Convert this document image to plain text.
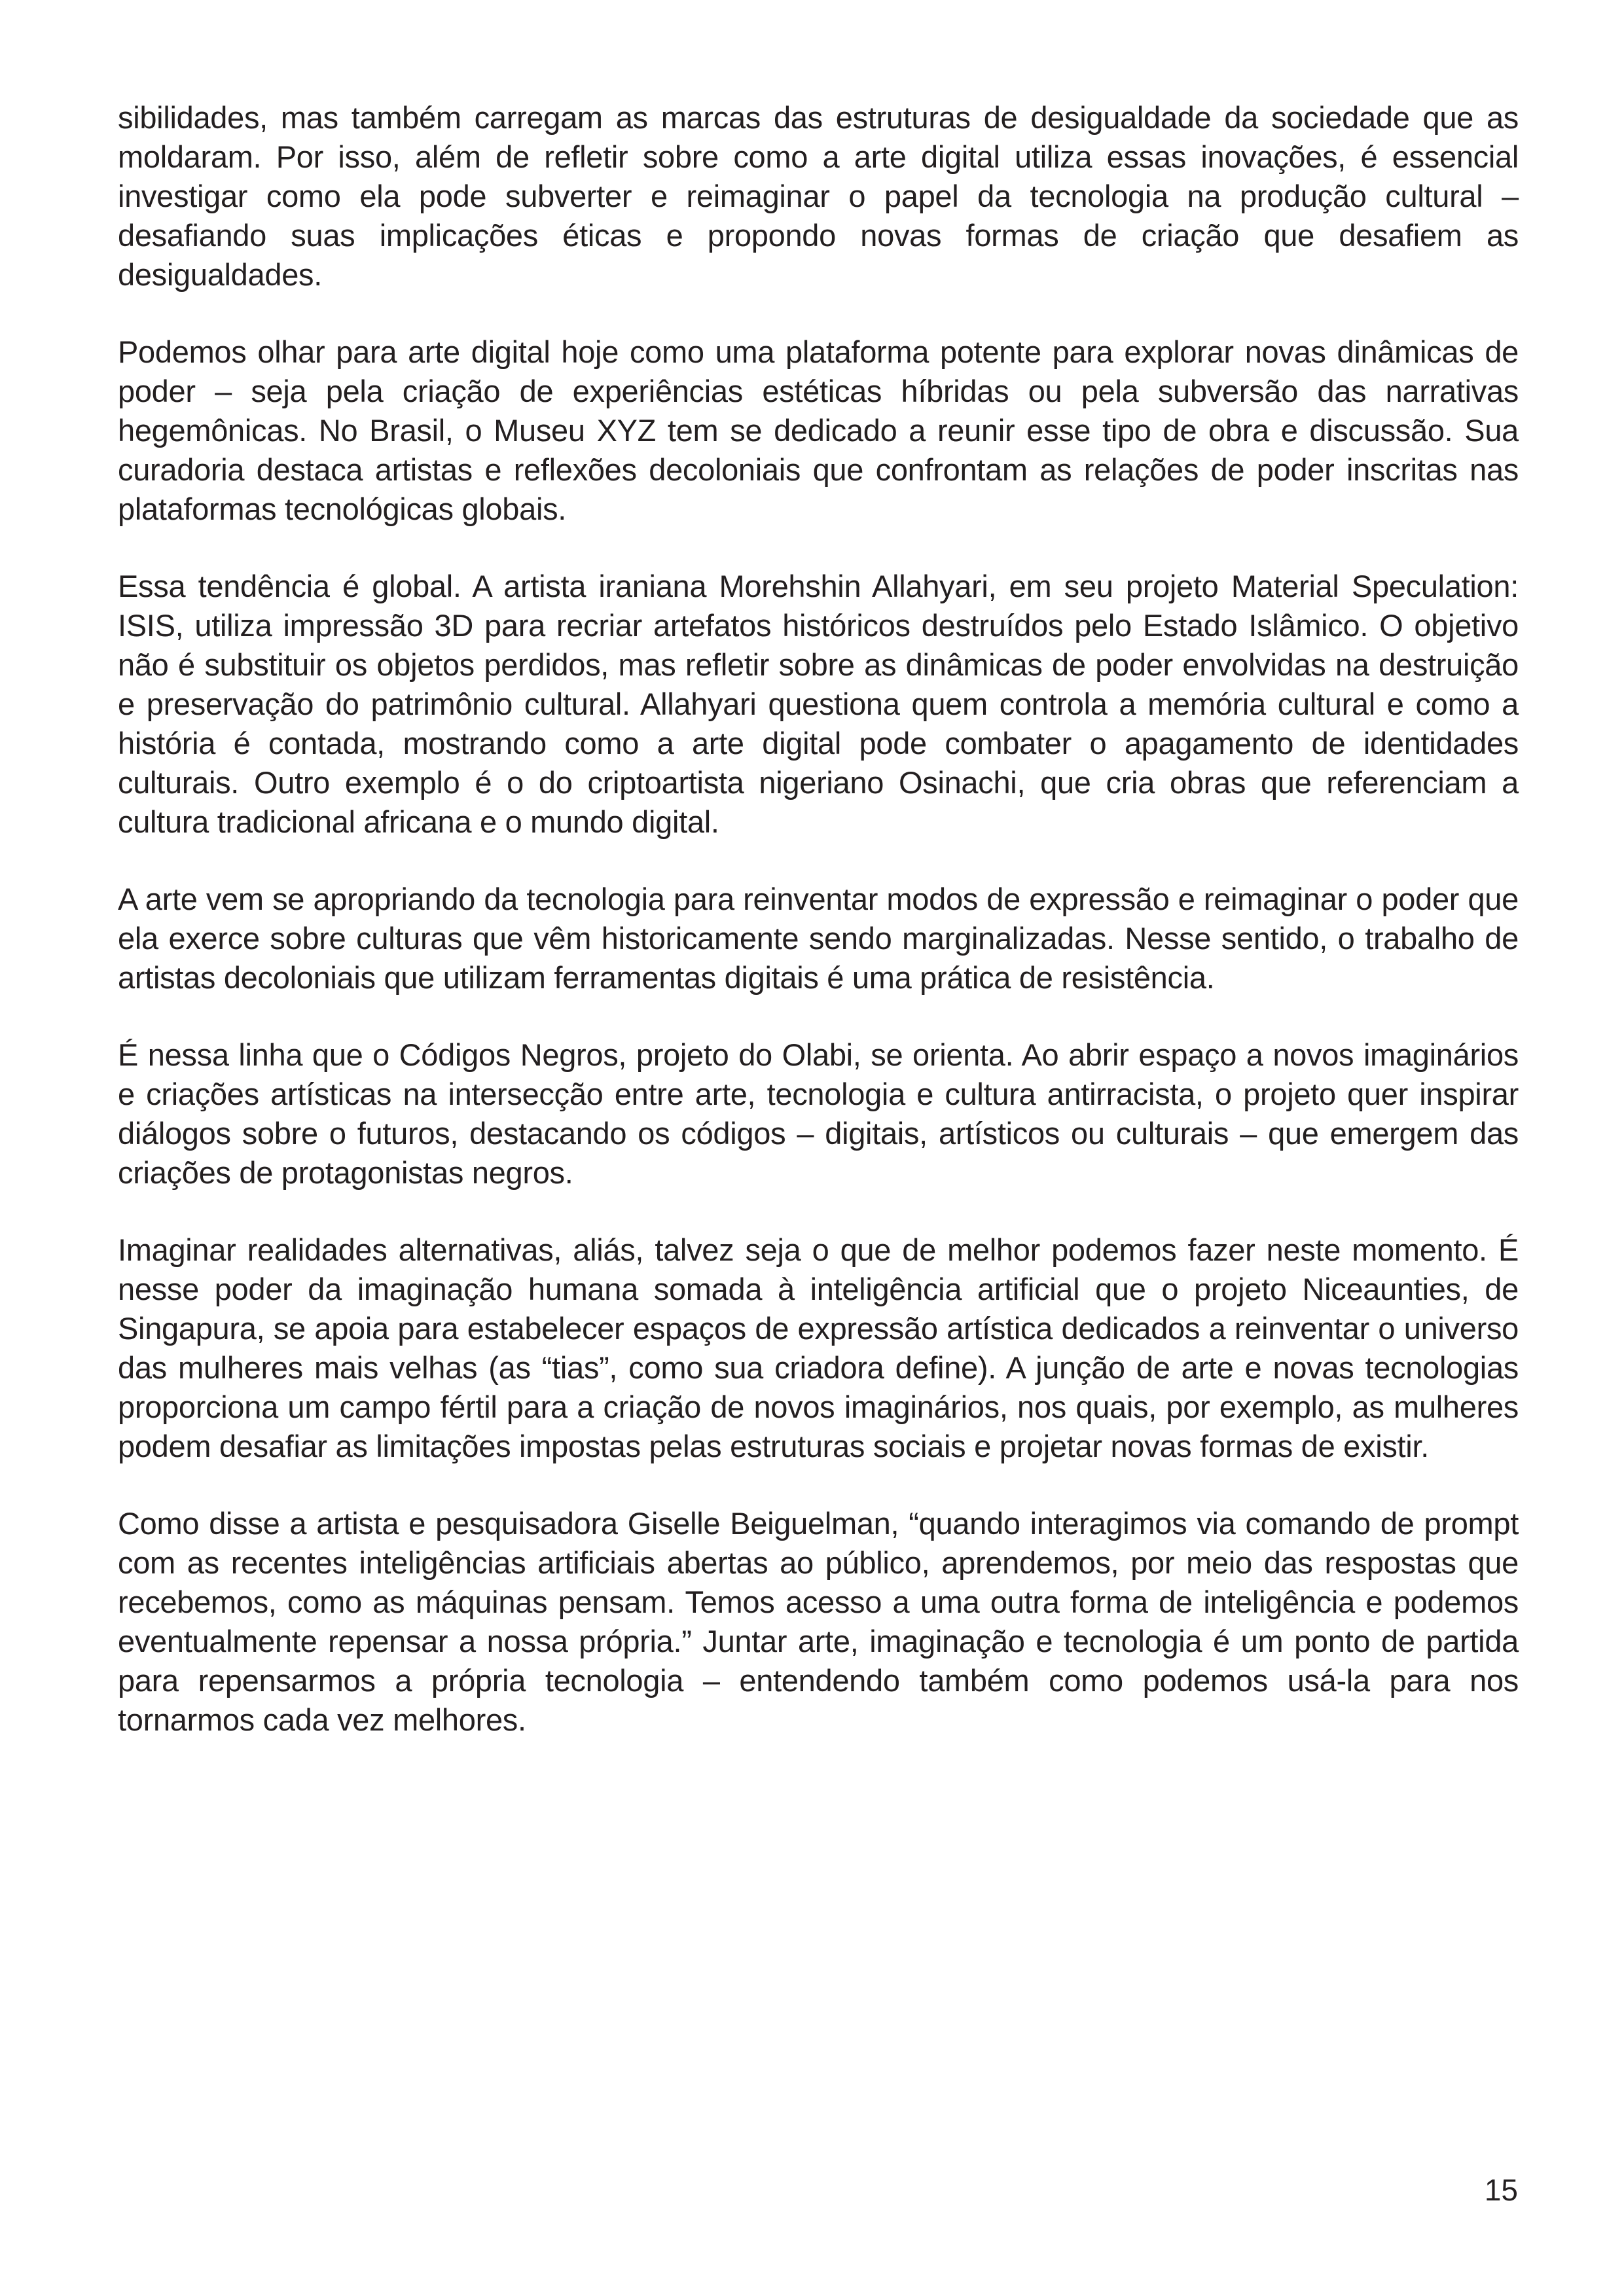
sibilidades, mas também carregam as marcas das estruturas de desigualdade da sociedade que as moldaram. Por isso, além de refletir sobre como a arte digital utiliza essas inovações, é essencial investigar como ela pode subverter e reimaginar o papel da tecnologia na produção cultural – desafiando suas implicações éticas e propondo novas formas de criação que desafiem as desigualdades.

Podemos olhar para arte digital hoje como uma plataforma potente para explorar novas dinâmicas de poder – seja pela criação de experiências estéticas híbridas ou pela subversão das narrativas hegemônicas. No Brasil, o Museu XYZ tem se dedicado a reunir esse tipo de obra e discussão. Sua curadoria destaca artistas e reflexões decoloniais que confrontam as relações de poder inscritas nas plataformas tecnológicas globais.

Essa tendência é global. A artista iraniana Morehshin Allahyari, em seu projeto Material Speculation: ISIS, utiliza impressão 3D para recriar artefatos históricos destruídos pelo Estado Islâmico. O objetivo não é substituir os objetos perdidos, mas refletir sobre as dinâmicas de poder envolvidas na destruição e preservação do patrimônio cultural. Allahyari questiona quem controla a memória cultural e como a história é contada, mostrando como a arte digital pode combater o apagamento de identidades culturais. Outro exemplo é o do criptoartista nigeriano Osinachi, que cria obras que referenciam a cultura tradicional africana e o mundo digital.

A arte vem se apropriando da tecnologia para reinventar modos de expressão e reimaginar o poder que ela exerce sobre culturas que vêm historicamente sendo marginalizadas. Nesse sentido, o trabalho de artistas decoloniais que utilizam ferramentas digitais é uma prática de resistência.

É nessa linha que o Códigos Negros, projeto do Olabi, se orienta. Ao abrir espaço a novos imaginários e criações artísticas na intersecção entre arte, tecnologia e cultura antirracista, o projeto quer inspirar diálogos sobre o futuros, destacando os códigos – digitais, artísticos ou culturais – que emergem das criações de protagonistas negros.

Imaginar realidades alternativas, aliás, talvez seja o que de melhor podemos fazer neste momento. É nesse poder da imaginação humana somada à inteligência artificial que o projeto Niceaunties, de Singapura, se apoia para estabelecer espaços de expressão artística dedicados a reinventar o universo das mulheres mais velhas (as “tias”, como sua criadora define). A junção de arte e novas tecnologias proporciona um campo fértil para a criação de novos imaginários, nos quais, por exemplo, as mulheres podem desafiar as limitações impostas pelas estruturas sociais e projetar novas formas de existir.

Como disse a artista e pesquisadora Giselle Beiguelman, “quando interagimos via comando de prompt com as recentes inteligências artificiais abertas ao público, aprendemos, por meio das respostas que recebemos, como as máquinas pensam. Temos acesso a uma outra forma de inteligência e podemos eventualmente repensar a nossa própria.” Juntar arte, imaginação e tecnologia é um ponto de partida para repensarmos a própria tecnologia – entendendo também como podemos usá-la para nos tornarmos cada vez melhores.

15
